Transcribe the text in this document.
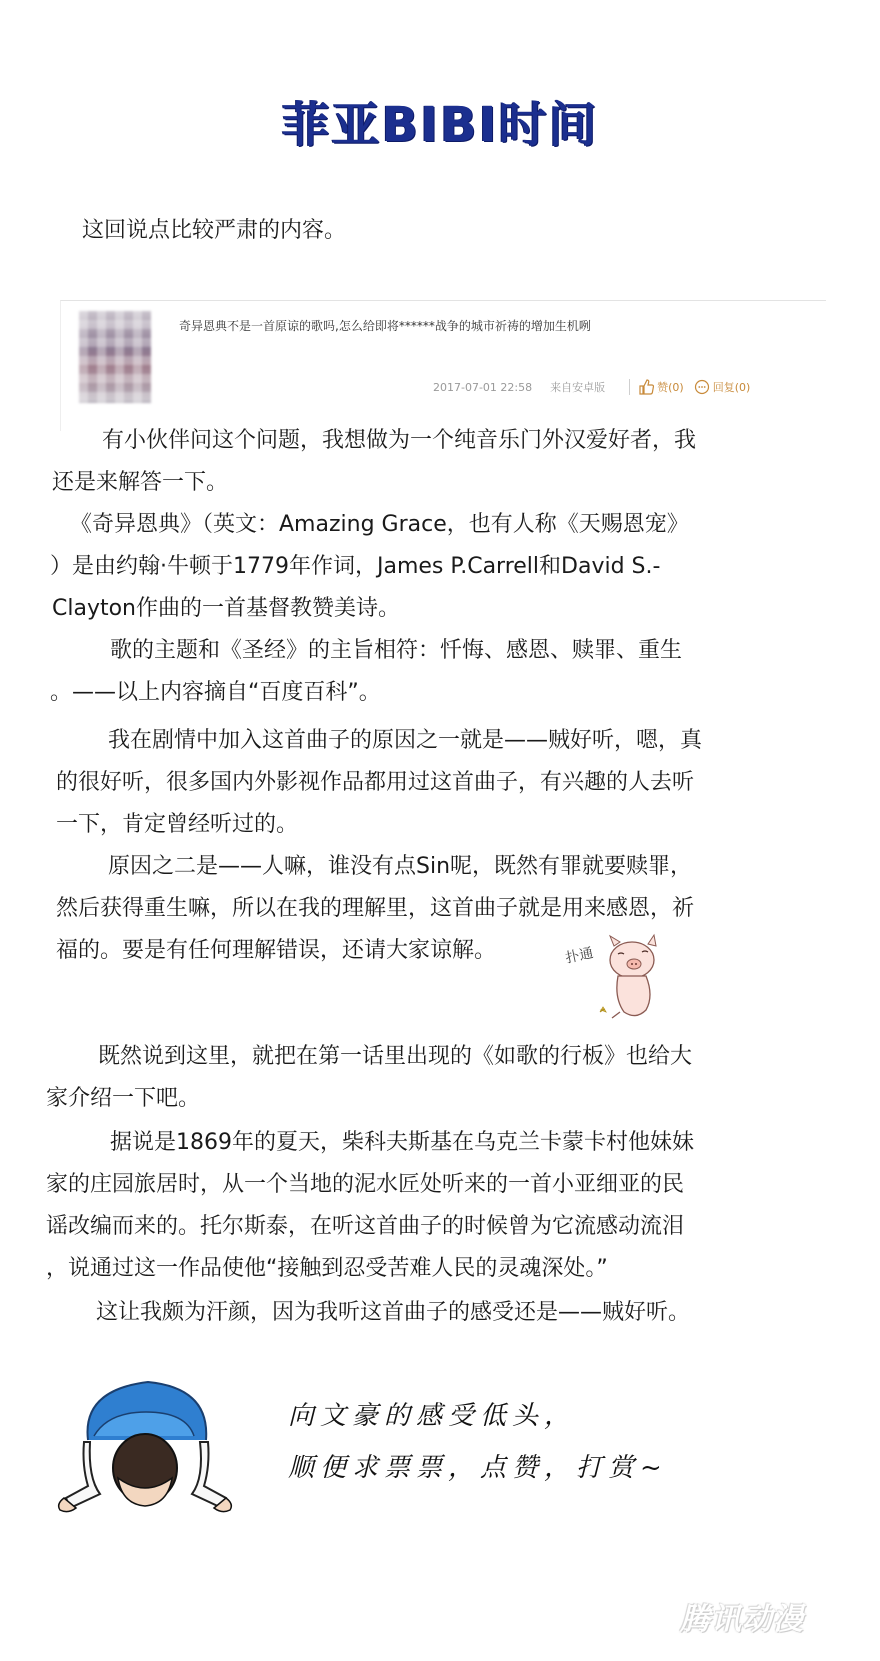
菲亚BIBI时间

这回说点比较严肃的内容。

奇异恩典不是一首原谅的歌吗,怎么给即将******战争的城市祈祷的增加生机咧
2017-07-01 22:58 来自安卓版	赞(0)	回复(0)

有小伙伴问这个问题，我想做为一个纯音乐门外汉爱好者，我

还是来解答一下。

《奇异恩典》（英文：Amazing Grace，也有人称《天赐恩宠》

）是由约翰·牛顿于1779年作词，James P.Carrell和David S.-

Clayton作曲的一首基督教赞美诗。

歌的主题和《圣经》的主旨相符：忏悔、感恩、赎罪、重生

。——以上内容摘自“百度百科”。

我在剧情中加入这首曲子的原因之一就是——贼好听，嗯，真

的很好听，很多国内外影视作品都用过这首曲子，有兴趣的人去听

一下，肯定曾经听过的。

原因之二是——人嘛，谁没有点Sin呢，既然有罪就要赎罪，

然后获得重生嘛，所以在我的理解里，这首曲子就是用来感恩，祈

福的。要是有任何理解错误，还请大家谅解。	扑通

既然说到这里，就把在第一话里出现的《如歌的行板》也给大

家介绍一下吧。

据说是1869年的夏天，柴科夫斯基在乌克兰卡蒙卡村他妹妹

家的庄园旅居时，从一个当地的泥水匠处听来的一首小亚细亚的民

谣改编而来的。托尔斯泰，在听这首曲子的时候曾为它流感动流泪

，说通过这一作品使他“接触到忍受苦难人民的灵魂深处。”

这让我颇为汗颜，因为我听这首曲子的感受还是——贼好听。

向文豪的感受低头，
顺便求票票，点赞，打赏~
腾讯动漫
